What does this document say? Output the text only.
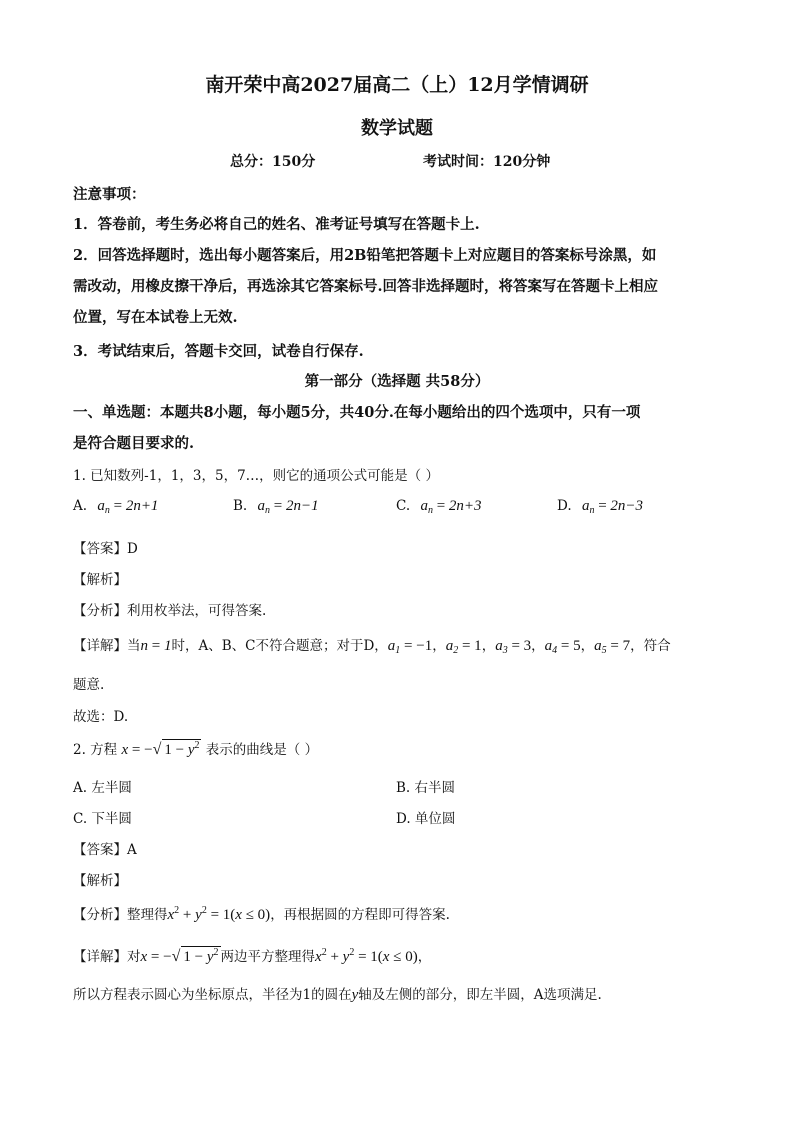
南开荣中高2027届高二（上）12月学情调研
数学试题
总分：150分	考试时间：120分钟
注意事项：
1．答卷前，考生务必将自己的姓名、准考证号填写在答题卡上.
2．回答选择题时，选出每小题答案后，用2B铅笔把答题卡上对应题目的答案标号涂黑，如
需改动，用橡皮擦干净后，再选涂其它答案标号.回答非选择题时，将答案写在答题卡上相应
位置，写在本试卷上无效.
3．考试结束后，答题卡交回，试卷自行保存.
第一部分（选择题 共58分）
一、单选题：本题共8小题，每小题5分，共40分.在每小题给出的四个选项中，只有一项
是符合题目要求的.
1. 已知数列-1，1，3，5，7…，则它的通项公式可能是（ ）
A. $a_n = 2n+1$	B. $a_n = 2n-1$	C. $a_n = 2n+3$	D. $a_n = 2n-3$
【答案】D
【解析】
【分析】利用枚举法，可得答案.
【详解】当n = 1时，A、B、C不符合题意；对于D，$a_1 = -1$，$a_2 = 1$，$a_3 = 3$，$a_4 = 5$，$a_5 = 7$，符合
题意.
故选：D.
2. 方程 x = −√ $1 - y^2$ 表示的曲线是（ ）
A. 左半圆	B. 右半圆
C. 下半圆	D. 单位圆
【答案】A
【解析】
【分析】整理得$x^2 + y^2 = 1(x \le 0)$，再根据圆的方程即可得答案.
【详解】对x = −√ $1 - y^2$ 两边平方整理得$x^2 + y^2 = 1(x \le 0)$，
所以方程表示圆心为坐标原点，半径为1的圆在y轴及左侧的部分，即左半圆，A选项满足.
